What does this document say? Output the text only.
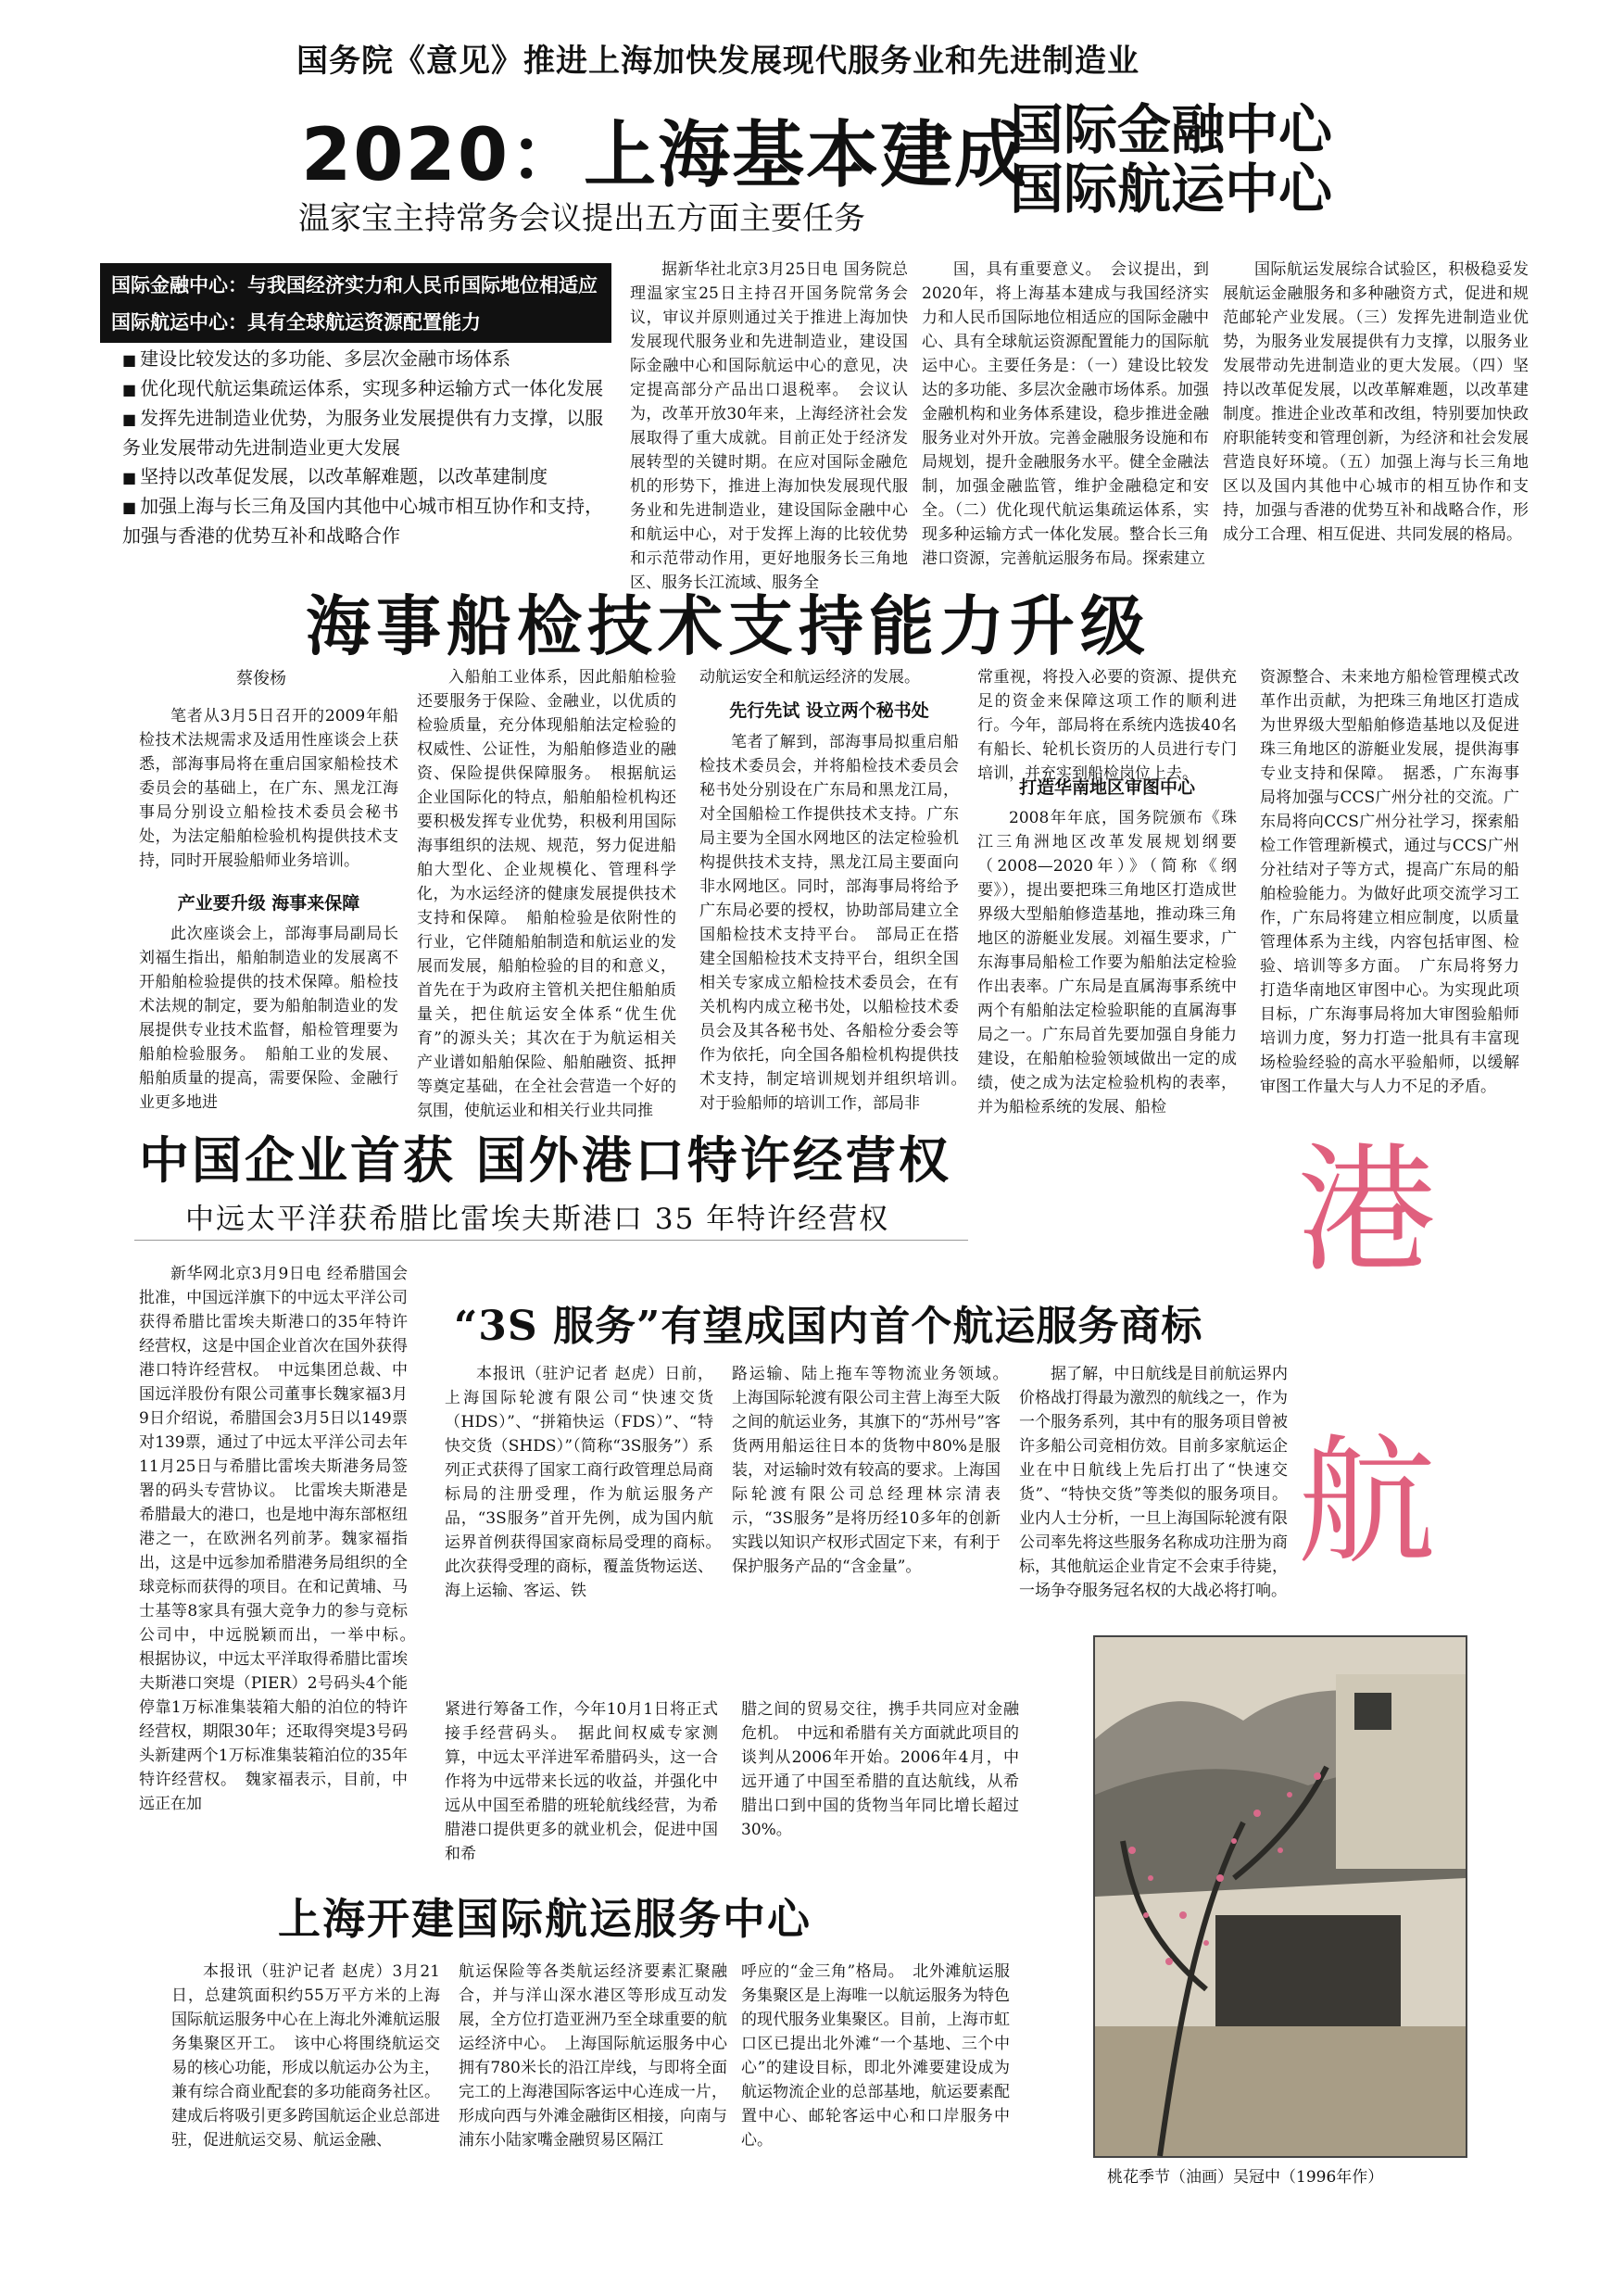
国务院《意见》推进上海加快发展现代服务业和先进制造业
2020：上海基本建成
国际金融中心
国际航运中心
温家宝主持常务会议提出五方面主要任务
国际金融中心：与我国经济实力和人民币国际地位相适应
国际航运中心：具有全球航运资源配置能力
■ 建设比较发达的多功能、多层次金融市场体系
■ 优化现代航运集疏运体系，实现多种运输方式一体化发展
■ 发挥先进制造业优势，为服务业发展提供有力支撑，以服务业发展带动先进制造业更大发展
■ 坚持以改革促发展，以改革解难题，以改革建制度
■ 加强上海与长三角及国内其他中心城市相互协作和支持，加强与香港的优势互补和战略合作

据新华社北京3月25日电 国务院总理温家宝25日主持召开国务院常务会议，审议并原则通过关于推进上海加快发展现代服务业和先进制造业，建设国际金融中心和国际航运中心的意见，决定提高部分产品出口退税率。　会议认为，改革开放30年来，上海经济社会发展取得了重大成就。目前正处于经济发展转型的关键时期。在应对国际金融危机的形势下，推进上海加快发展现代服务业和先进制造业，建设国际金融中心和航运中心，对于发挥上海的比较优势和示范带动作用，更好地服务长三角地区、服务长江流域、服务全

国，具有重要意义。　会议提出，到2020年，将上海基本建成与我国经济实力和人民币国际地位相适应的国际金融中心、具有全球航运资源配置能力的国际航运中心。主要任务是：（一）建设比较发达的多功能、多层次金融市场体系。加强金融机构和业务体系建设，稳步推进金融服务业对外开放。完善金融服务设施和布局规划，提升金融服务水平。健全金融法制，加强金融监管，维护金融稳定和安全。（二）优化现代航运集疏运体系，实现多种运输方式一体化发展。整合长三角港口资源，完善航运服务布局。探索建立

国际航运发展综合试验区，积极稳妥发展航运金融服务和多种融资方式，促进和规范邮轮产业发展。（三）发挥先进制造业优势，为服务业发展提供有力支撑，以服务业发展带动先进制造业的更大发展。（四）坚持以改革促发展，以改革解难题，以改革建制度。推进企业改革和改组，特别要加快政府职能转变和管理创新，为经济和社会发展营造良好环境。（五）加强上海与长三角地区以及国内其他中心城市的相互协作和支持，加强与香港的优势互补和战略合作，形成分工合理、相互促进、共同发展的格局。

海事船检技术支持能力升级
蔡俊杨

笔者从3月5日召开的2009年船检技术法规需求及适用性座谈会上获悉，部海事局将在重启国家船检技术委员会的基础上，在广东、黑龙江海事局分别设立船检技术委员会秘书处，为法定船舶检验机构提供技术支持，同时开展验船师业务培训。

产业要升级 海事来保障

此次座谈会上，部海事局副局长刘福生指出，船舶制造业的发展离不开船舶检验提供的技术保障。船检技术法规的制定，要为船舶制造业的发展提供专业技术监督，船检管理要为船舶检验服务。　船舶工业的发展、船舶质量的提高，需要保险、金融行业更多地进

入船舶工业体系，因此船舶检验还要服务于保险、金融业，以优质的检验质量，充分体现船舶法定检验的权威性、公证性，为船舶修造业的融资、保险提供保障服务。　根据航运企业国际化的特点，船舶船检机构还要积极发挥专业优势，积极利用国际海事组织的法规、规范，努力促进船舶大型化、企业规模化、管理科学化，为水运经济的健康发展提供技术支持和保障。　船舶检验是依附性的行业，它伴随船舶制造和航运业的发展而发展，船舶检验的目的和意义，首先在于为政府主管机关把住船舶质量关，把住航运安全体系“优生优育”的源头关；其次在于为航运相关产业谱如船舶保险、船舶融资、抵押等奠定基础，在全社会营造一个好的氛围，使航运业和相关行业共同推

动航运安全和航运经济的发展。

先行先试 设立两个秘书处

笔者了解到，部海事局拟重启船检技术委员会，并将船检技术委员会秘书处分别设在广东局和黑龙江局，对全国船检工作提供技术支持。广东局主要为全国水网地区的法定检验机构提供技术支持，黑龙江局主要面向非水网地区。同时，部海事局将给予广东局必要的授权，协助部局建立全国船检技术支持平台。　部局正在搭建全国船检技术支持平台，组织全国相关专家成立船检技术委员会，在有关机构内成立秘书处，以船检技术委员会及其各秘书处、各船检分委会等作为依托，向全国各船检机构提供技术支持，制定培训规划并组织培训。　对于验船师的培训工作，部局非

常重视，将投入必要的资源、提供充足的资金来保障这项工作的顺利进行。今年，部局将在系统内选拔40名有船长、轮机长资历的人员进行专门培训，并充实到船检岗位上去。

打造华南地区审图中心

2008年年底，国务院颁布《珠江三角洲地区改革发展规划纲要（2008—2020年）》（简称《纲要》），提出要把珠三角地区打造成世界级大型船舶修造基地，推动珠三角地区的游艇业发展。刘福生要求，广东海事局船检工作要为船舶法定检验作出表率。广东局是直属海事系统中两个有船舶法定检验职能的直属海事局之一。广东局首先要加强自身能力建设，在船舶检验领域做出一定的成绩，使之成为法定检验机构的表率，并为船检系统的发展、船检

资源整合、未来地方船检管理模式改革作出贡献，为把珠三角地区打造成为世界级大型船舶修造基地以及促进珠三角地区的游艇业发展，提供海事专业支持和保障。　据悉，广东海事局将加强与CCS广州分社的交流。广东局将向CCS广州分社学习，探索船检工作管理新模式，通过与CCS广州分社结对子等方式，提高广东局的船舶检验能力。为做好此项交流学习工作，广东局将建立相应制度，以质量管理体系为主线，内容包括审图、检验、培训等多方面。　广东局将努力打造华南地区审图中心。为实现此项目标，广东海事局将加大审图验船师培训力度，努力打造一批具有丰富现场检验经验的高水平验船师，以缓解审图工作量大与人力不足的矛盾。

中国企业首获 国外港口特许经营权
中远太平洋获希腊比雷埃夫斯港口 35 年特许经营权	港
航

新华网北京3月9日电 经希腊国会批准，中国远洋旗下的中远太平洋公司获得希腊比雷埃夫斯港口的35年特许经营权，这是中国企业首次在国外获得港口特许经营权。　中远集团总裁、中国远洋股份有限公司董事长魏家福3月9日介绍说，希腊国会3月5日以149票对139票，通过了中远太平洋公司去年11月25日与希腊比雷埃夫斯港务局签署的码头专营协议。　比雷埃夫斯港是希腊最大的港口，也是地中海东部枢纽港之一，在欧洲名列前茅。魏家福指出，这是中远参加希腊港务局组织的全球竞标而获得的项目。在和记黄埔、马士基等8家具有强大竞争力的参与竞标公司中，中远脱颖而出，一举中标。　根据协议，中远太平洋取得希腊比雷埃夫斯港口突堤（PIER）2号码头4个能停靠1万标准集装箱大船的泊位的特许经营权，期限30年；还取得突堤3号码头新建两个1万标准集装箱泊位的35年特许经营权。　魏家福表示，目前，中远正在加

紧进行筹备工作，今年10月1日将正式接手经营码头。　据此间权威专家测算，中远太平洋进军希腊码头，这一合作将为中远带来长远的收益，并强化中远从中国至希腊的班轮航线经营，为希腊港口提供更多的就业机会，促进中国和希

腊之间的贸易交往，携手共同应对金融危机。　中远和希腊有关方面就此项目的谈判从2006年开始。2006年4月，中远开通了中国至希腊的直达航线，从希腊出口到中国的货物当年同比增长超过30%。

“3S 服务”有望成国内首个航运服务商标

本报讯（驻沪记者 赵虎）日前，上海国际轮渡有限公司“快速交货（HDS）”、“拼箱快运（FDS）”、“特快交货（SHDS）”（简称“3S服务”）系列正式获得了国家工商行政管理总局商标局的注册受理，作为航运服务产品，“3S服务”首开先例，成为国内航运界首例获得国家商标局受理的商标。　此次获得受理的商标，覆盖货物运送、海上运输、客运、铁

路运输、陆上拖车等物流业务领域。　上海国际轮渡有限公司主营上海至大阪之间的航运业务，其旗下的“苏州号”客货两用船运往日本的货物中80%是服装，对运输时效有较高的要求。上海国际轮渡有限公司总经理林宗清表示，“3S服务”是将历经10多年的创新实践以知识产权形式固定下来，有利于保护服务产品的“含金量”。

据了解，中日航线是目前航运界内价格战打得最为激烈的航线之一，作为一个服务系列，其中有的服务项目曾被许多船公司竞相仿效。目前多家航运企业在中日航线上先后打出了“快速交货”、“特快交货”等类似的服务项目。业内人士分析，一旦上海国际轮渡有限公司率先将这些服务名称成功注册为商标，其他航运企业肯定不会束手待毙，一场争夺服务冠名权的大战必将打响。

上海开建国际航运服务中心

本报讯（驻沪记者 赵虎）3月21日，总建筑面积约55万平方米的上海国际航运服务中心在上海北外滩航运服务集聚区开工。　该中心将围绕航运交易的核心功能，形成以航运办公为主，兼有综合商业配套的多功能商务社区。建成后将吸引更多跨国航运企业总部进驻，促进航运交易、航运金融、

航运保险等各类航运经济要素汇聚融合，并与洋山深水港区等形成互动发展，全方位打造亚洲乃至全球重要的航运经济中心。　上海国际航运服务中心拥有780米长的沿江岸线，与即将全面完工的上海港国际客运中心连成一片，形成向西与外滩金融街区相接，向南与浦东小陆家嘴金融贸易区隔江

呼应的“金三角”格局。　北外滩航运服务集聚区是上海唯一以航运服务为特色的现代服务业集聚区。目前，上海市虹口区已提出北外滩“一个基地、三个中心”的建设目标，即北外滩要建设成为航运物流企业的总部基地，航运要素配置中心、邮轮客运中心和口岸服务中心。

桃花季节（油画）吴冠中（1996年作）
